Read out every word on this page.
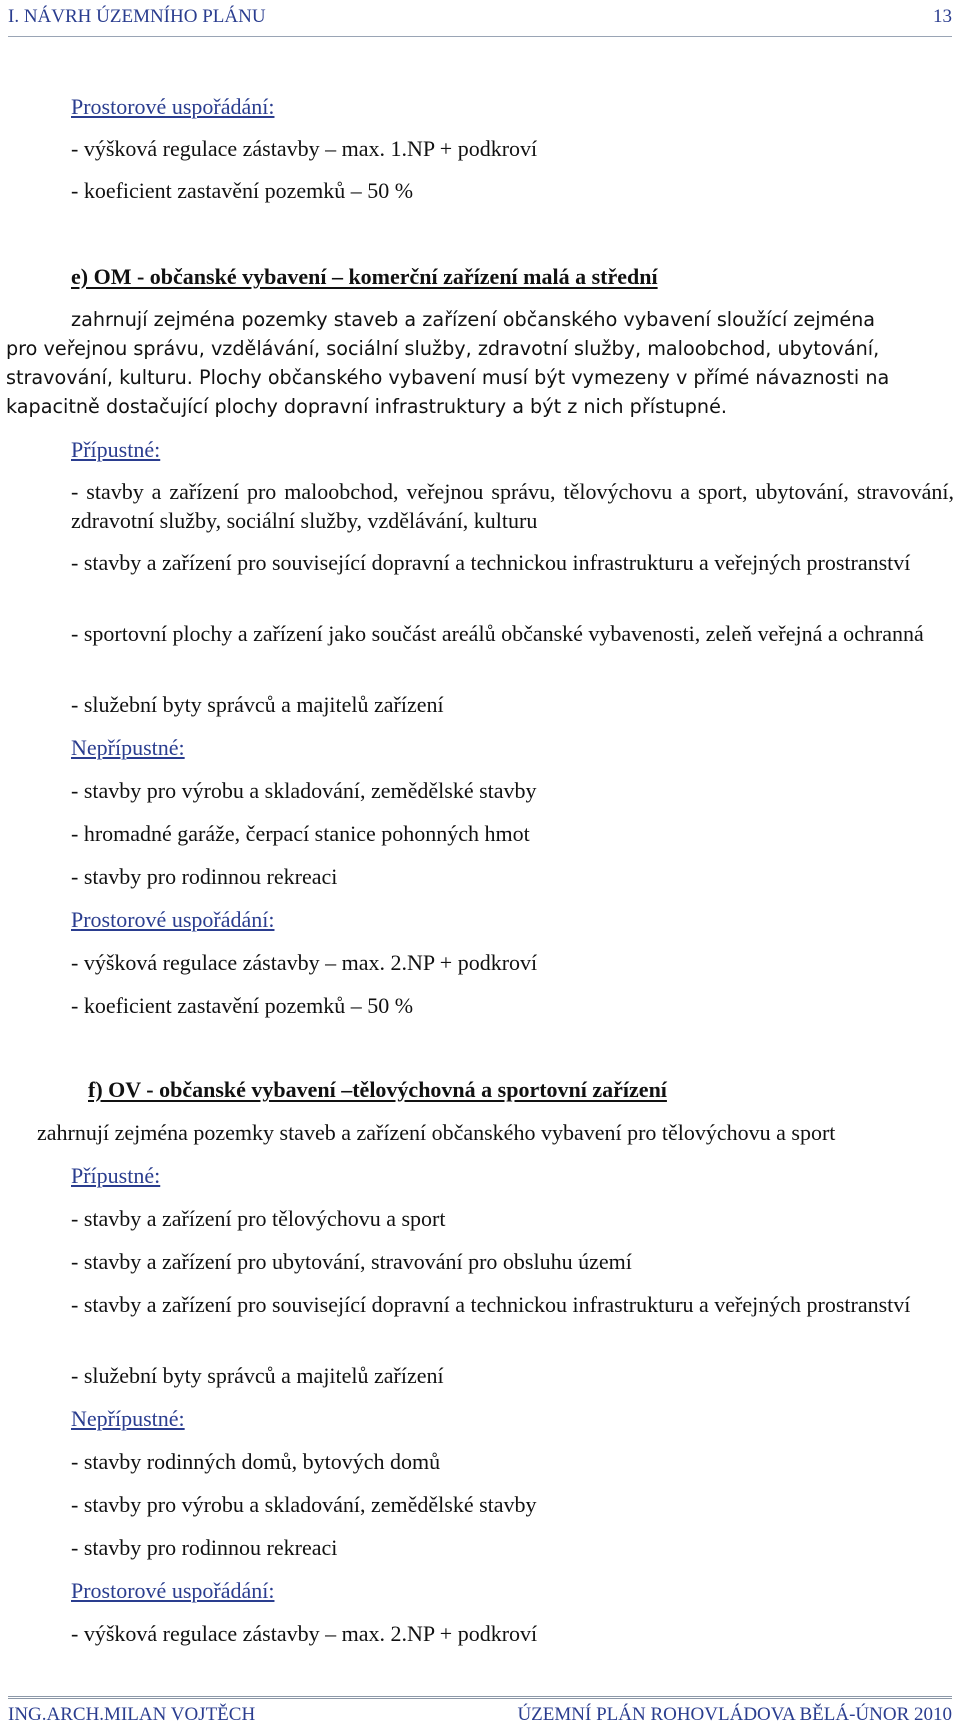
I. NÁVRH ÚZEMNÍHO PLÁNU	13
Prostorové uspořádání:
- výšková regulace zástavby – max. 1.NP + podkroví
- koeficient zastavění pozemků – 50 %
e) OM - občanské vybavení – komerční zařízení malá a střední
zahrnují zejména pozemky staveb a zařízení občanského vybavení sloužící zejména
pro veřejnou správu, vzdělávání, sociální služby, zdravotní služby, maloobchod, ubytování,
stravování, kulturu. Plochy občanského vybavení musí být vymezeny v přímé návaznosti na
kapacitně dostačující plochy dopravní infrastruktury a být z nich přístupné.
Přípustné:
- stavby a zařízení pro maloobchod, veřejnou správu, tělovýchovu a sport, ubytování, stravování, zdravotní služby, sociální služby, vzdělávání, kulturu
- stavby a zařízení pro související dopravní a technickou infrastrukturu a veřejných prostranství
- sportovní plochy a zařízení jako součást areálů občanské vybavenosti, zeleň veřejná a ochranná
- služební byty správců a majitelů zařízení
Nepřípustné:
- stavby pro výrobu a skladování, zemědělské stavby
- hromadné garáže, čerpací stanice pohonných hmot
- stavby pro rodinnou rekreaci
Prostorové uspořádání:
- výšková regulace zástavby – max. 2.NP + podkroví
- koeficient zastavění pozemků – 50 %
f) OV - občanské vybavení –tělovýchovná a sportovní zařízení
zahrnují zejména pozemky staveb a zařízení občanského vybavení pro tělovýchovu a sport
Přípustné:
- stavby a zařízení pro tělovýchovu a sport
- stavby a zařízení pro ubytování, stravování pro obsluhu území
- stavby a zařízení pro související dopravní a technickou infrastrukturu a veřejných prostranství
- služební byty správců a majitelů zařízení
Nepřípustné:
- stavby rodinných domů, bytových domů
- stavby pro výrobu a skladování, zemědělské stavby
- stavby pro rodinnou rekreaci
Prostorové uspořádání:
- výšková regulace zástavby – max. 2.NP + podkroví
ING.ARCH.MILAN VOJTĚCH	ÚZEMNÍ PLÁN ROHOVLÁDOVA BĚLÁ-ÚNOR 2010
